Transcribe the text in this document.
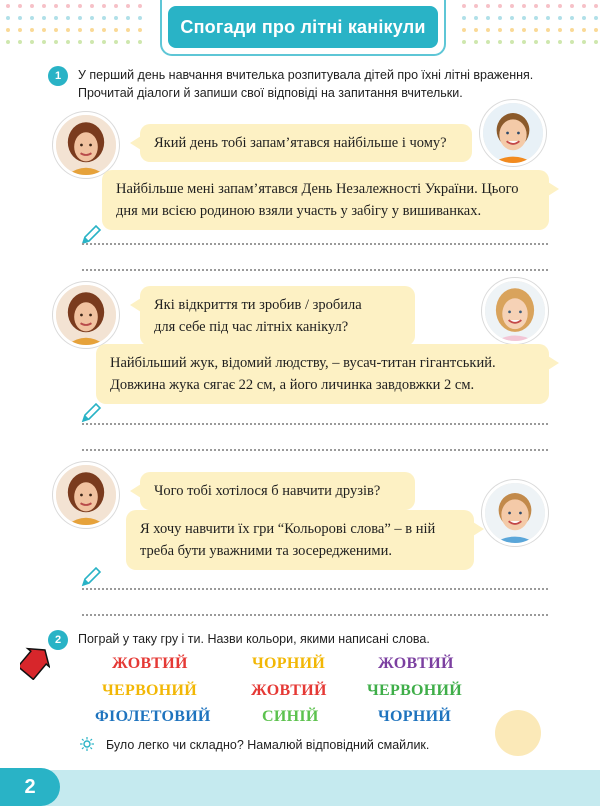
Спогади про літні канікули
1	У перший день навчання вчителька розпитувала дітей про їхні літні враження.
Прочитай діалоги й запиши свої відповіді на запитання вчительки.
Який день тобі запам’ятався найбільше і чому?
Найбільше мені запам’ятався День Незалежності України. Цього
дня ми всією родиною взяли участь у забігу у вишиванках.
Які відкриття ти зробив / зробила
для себе під час літніх канікул?
Найбільший жук, відомий людству, – вусач-титан гігантський.
Довжина жука сягає 22 см, а його личинка завдовжки 2 см.
Чого тобі хотілося б навчити друзів?
Я хочу навчити їх гри “Кольорові слова” – в ній
треба бути уважними та зосередженими.
2	Пограй у таку гру і ти. Назви кольори, якими написані слова.
ЖОВТИЙ	ЧОРНИЙ	ЖОВТИЙ
ЧЕРВОНИЙ	ЖОВТИЙ	ЧЕРВОНИЙ
ФІОЛЕТОВИЙ	СИНІЙ	ЧОРНИЙ
Було легко чи складно? Намалюй відповідний смайлик.
2
